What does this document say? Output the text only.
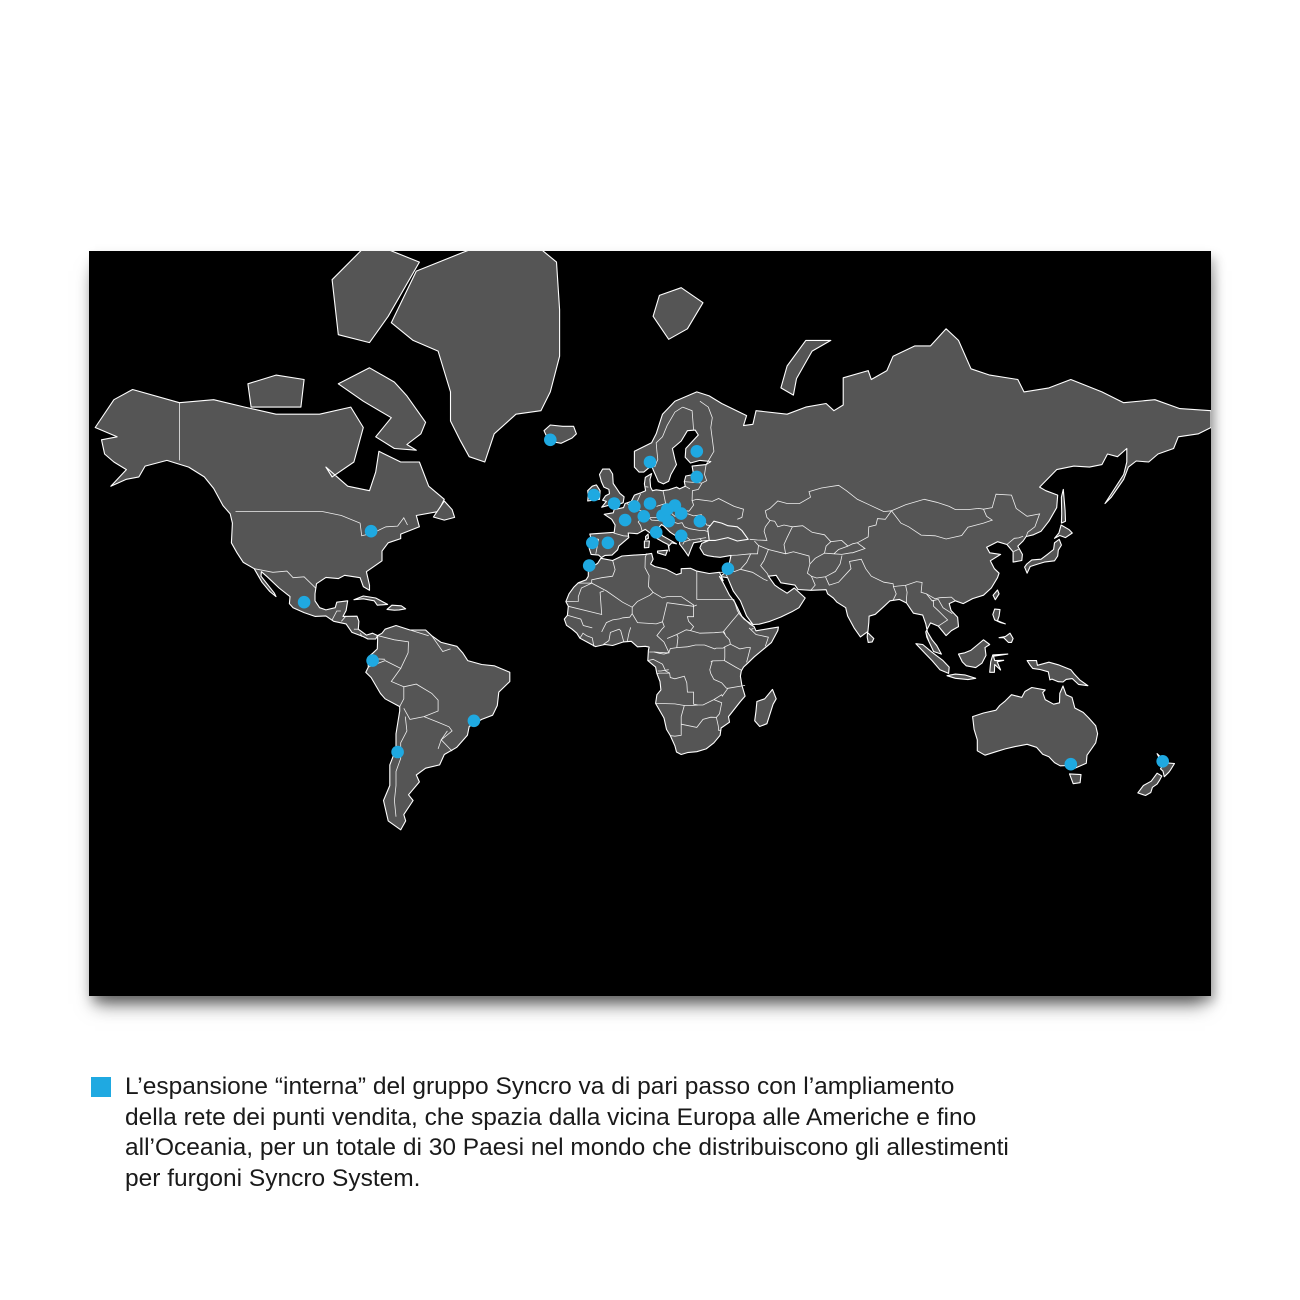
L’espansione “interna” del gruppo Syncro va di pari passo con l’ampliamento
della rete dei punti vendita, che spazia dalla vicina Europa alle Americhe e fino
all’Oceania, per un totale di 30 Paesi nel mondo che distribuiscono gli allestimenti
per furgoni Syncro System.
